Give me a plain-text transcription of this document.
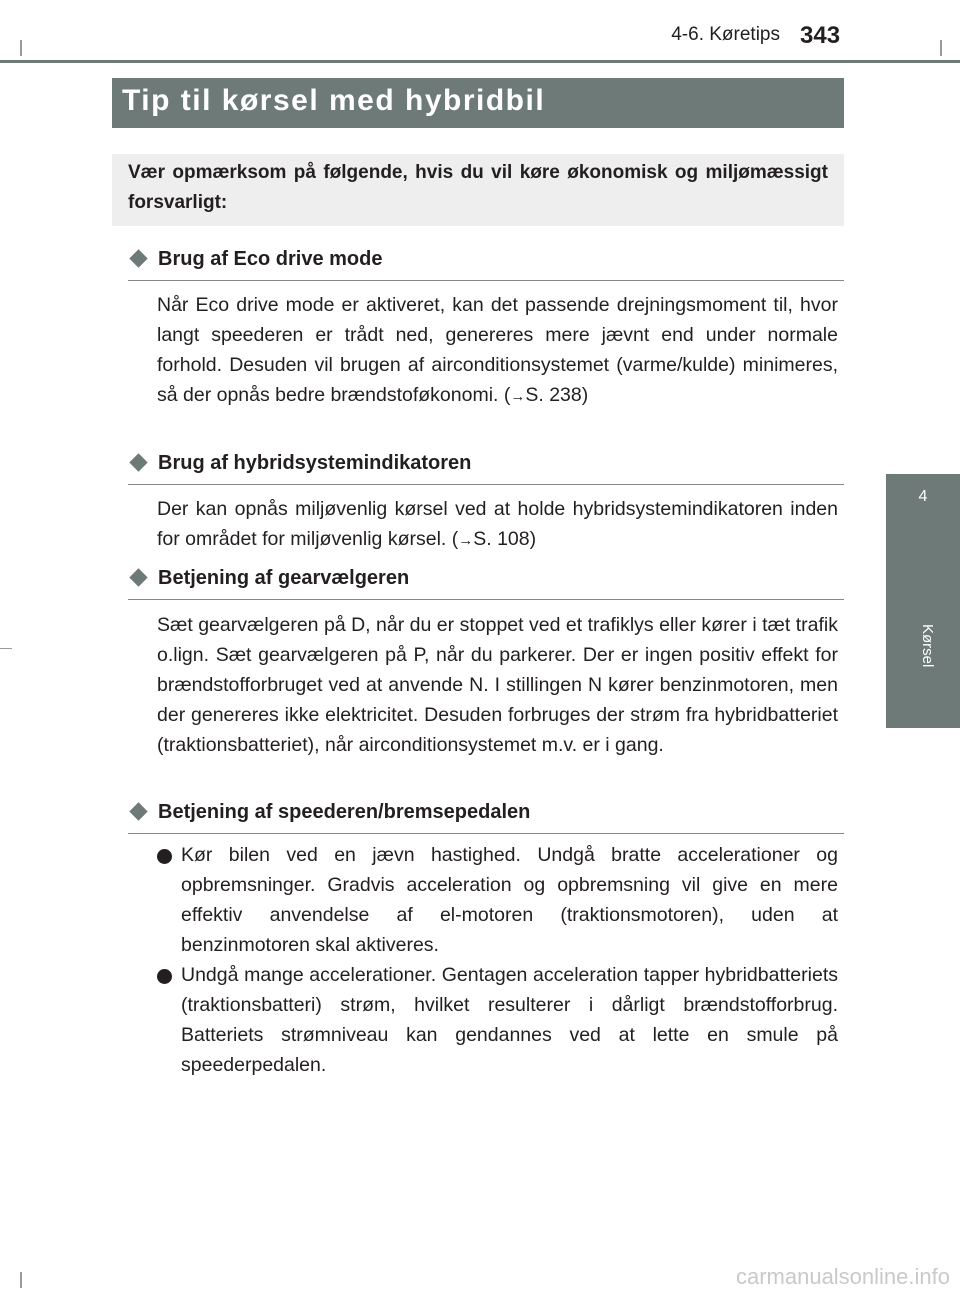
4-6. Køretips 343
4
Kørsel
Tip til kørsel med hybridbil
Vær opmærksom på følgende, hvis du vil køre økonomisk og miljømæssigt forsvarligt:
Brug af Eco drive mode
Når Eco drive mode er aktiveret, kan det passende drejningsmoment til, hvor langt speederen er trådt ned, genereres mere jævnt end under normale forhold. Desuden vil brugen af airconditionsystemet (varme/kulde) minimeres, så der opnås bedre brændstoføkonomi. (→S. 238)
Brug af hybridsystemindikatoren
Der kan opnås miljøvenlig kørsel ved at holde hybridsystemindikatoren inden for området for miljøvenlig kørsel. (→S. 108)
Betjening af gearvælgeren
Sæt gearvælgeren på D, når du er stoppet ved et trafiklys eller kører i tæt trafik o.lign. Sæt gearvælgeren på P, når du parkerer. Der er ingen positiv effekt for brændstofforbruget ved at anvende N. I stillingen N kører benzinmotoren, men der genereres ikke elektricitet. Desuden forbruges der strøm fra hybridbatteriet (traktionsbatteriet), når airconditionsystemet m.v. er i gang.
Betjening af speederen/bremsepedalen
Kør bilen ved en jævn hastighed. Undgå bratte accelerationer og opbremsninger. Gradvis acceleration og opbremsning vil give en mere effektiv anvendelse af el-motoren (traktionsmotoren), uden at benzinmotoren skal aktiveres.
Undgå mange accelerationer. Gentagen acceleration tapper hybridbatteriets (traktionsbatteri) strøm, hvilket resulterer i dårligt brændstofforbrug. Batteriets strømniveau kan gendannes ved at lette en smule på speederpedalen.
carmanualsonline.info
